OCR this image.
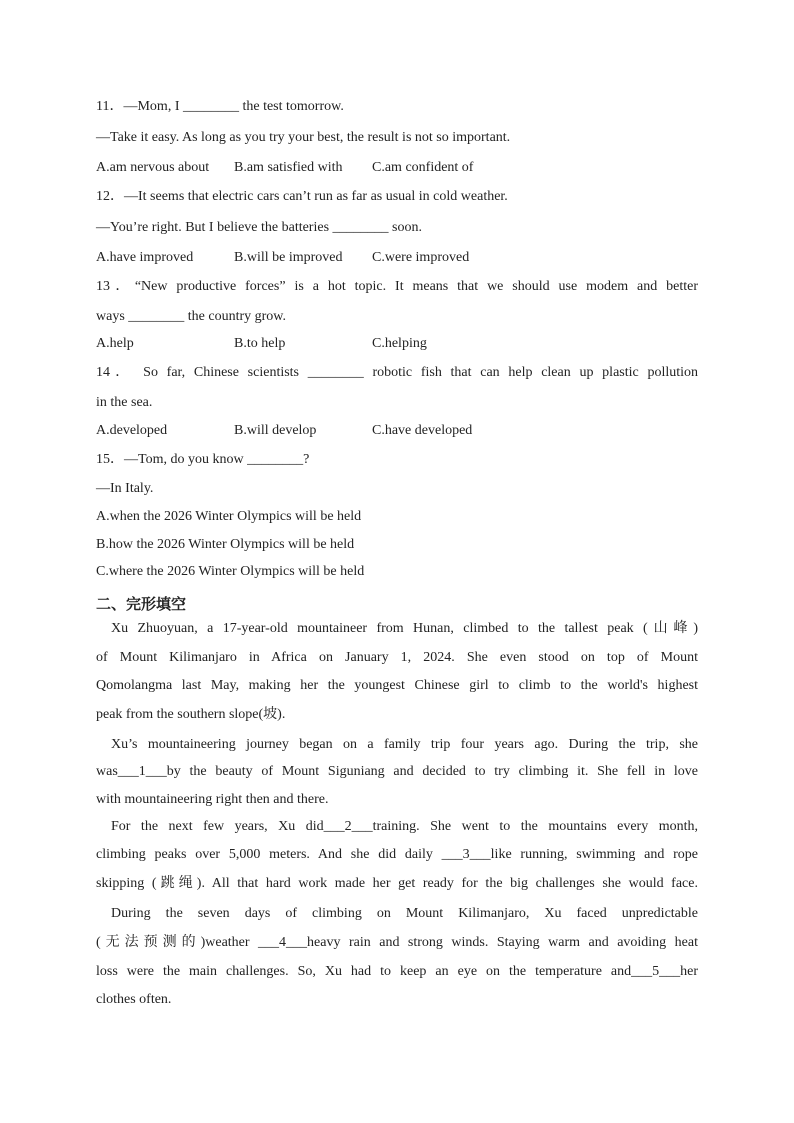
11．—Mom, I ________ the test tomorrow.
—Take it easy. As long as you try your best, the result is not so important.
A.am nervous about	B.am satisfied with	C.am confident of
12．—It seems that electric cars can’t run as far as usual in cold weather.
—You’re right. But I believe the batteries ________ soon.
A.have improved	B.will be improved	C.were improved
13．“New productive forces” is a hot topic. It means that we should use modem and better
ways ________ the country grow.
A.help	B.to help	C.helping
14． So far, Chinese scientists ________ robotic fish that can help clean up plastic pollution
in the sea.
A.developed	B.will develop	C.have developed
15．—Tom, do you know ________?
—In Italy.
A.when the 2026 Winter Olympics will be held
B.how the 2026 Winter Olympics will be held
C.where the 2026 Winter Olympics will be held
二、完形填空
Xu Zhuoyuan, a 17-year-old mountaineer from Hunan, climbed to the tallest peak (山峰)
of Mount Kilimanjaro in Africa on January 1, 2024. She even stood on top of Mount
Qomolangma last May, making her the youngest Chinese girl to climb to the world's highest
peak from the southern slope(坡).
Xu’s mountaineering journey began on a family trip four years ago. During the trip, she
was___1___by the beauty of Mount Siguniang and decided to try climbing it. She fell in love
with mountaineering right then and there.
For the next few years, Xu did___2___training. She went to the mountains every month,
climbing peaks over 5,000 meters. And she did daily ___3___like running, swimming and rope
skipping (跳绳). All that hard work made her get ready for the big challenges she would face.
During the seven days of climbing on Mount Kilimanjaro, Xu faced unpredictable
(无法预测的)weather ___4___heavy rain and strong winds. Staying warm and avoiding heat
loss were the main challenges. So, Xu had to keep an eye on the temperature and___5___her
clothes often.
